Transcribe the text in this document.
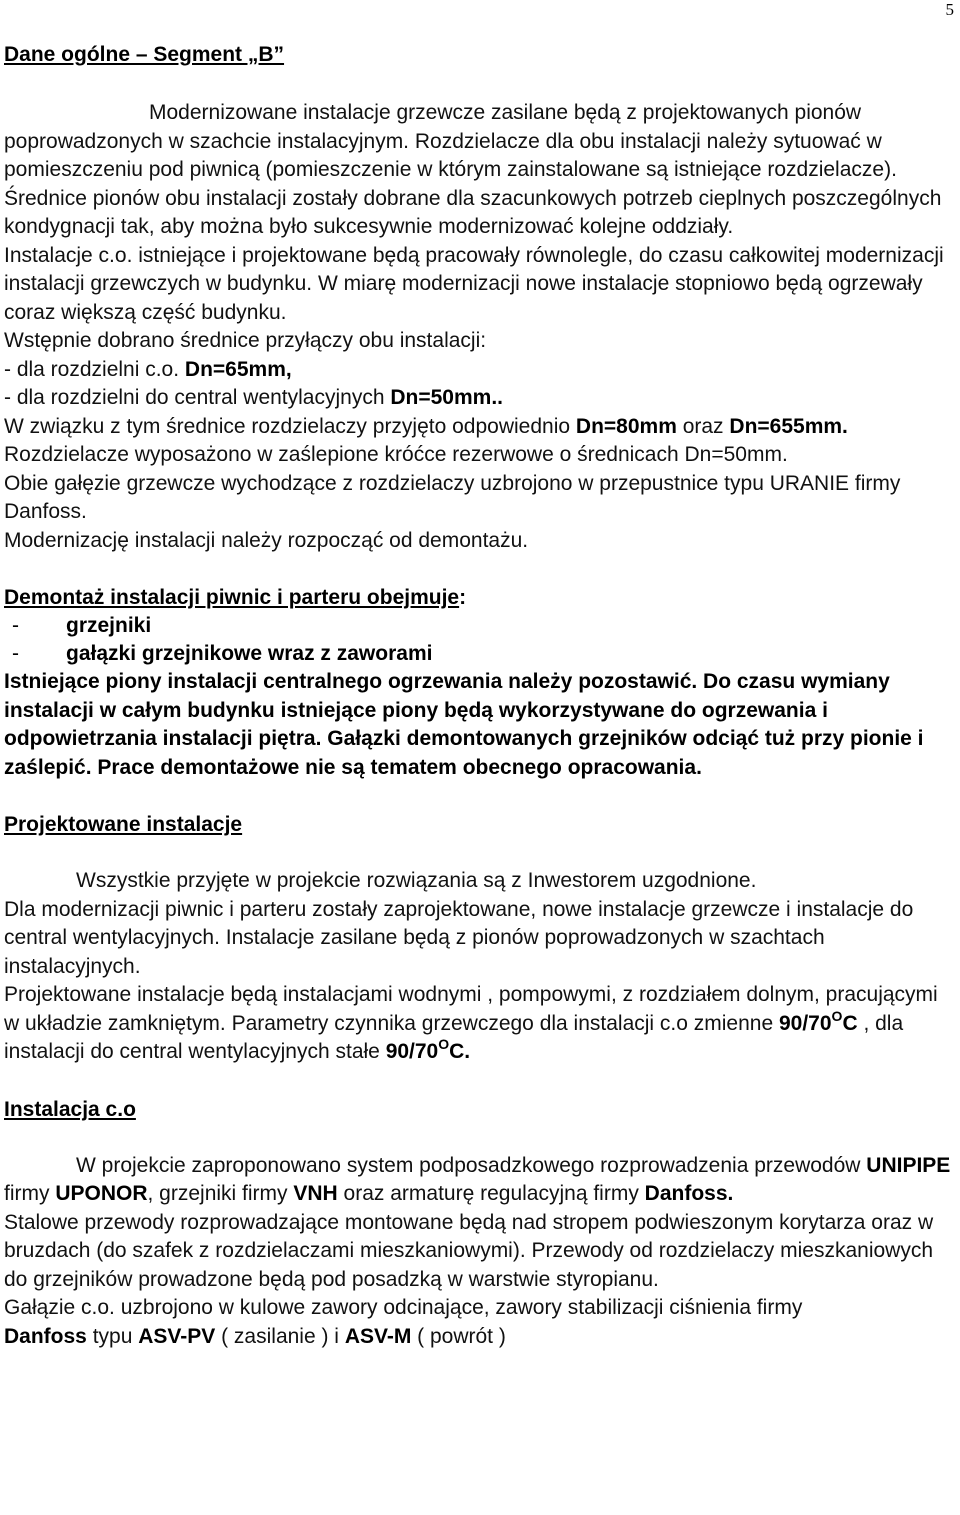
5
Dane ogólne – Segment „B”

Modernizowane instalacje grzewcze zasilane będą z projektowanych pionów poprowadzonych w szachcie instalacyjnym. Rozdzielacze dla obu instalacji należy sytuować w pomieszczeniu pod piwnicą (pomieszczenie w którym zainstalowane są istniejące rozdzielacze).

Średnice pionów obu instalacji zostały dobrane dla szacunkowych potrzeb cieplnych poszczególnych kondygnacji tak, aby można było sukcesywnie modernizować kolejne oddziały.

Instalacje c.o. istniejące i projektowane będą pracowały równolegle, do czasu całkowitej modernizacji instalacji grzewczych w budynku. W miarę modernizacji nowe instalacje stopniowo będą ogrzewały coraz większą część budynku.

Wstępnie dobrano średnice przyłączy obu instalacji:

- dla rozdzielni c.o. Dn=65mm,

- dla rozdzielni do central wentylacyjnych Dn=50mm..

W związku z tym średnice rozdzielaczy przyjęto odpowiednio Dn=80mm oraz Dn=655mm.

Rozdzielacze wyposażono w zaślepione króćce rezerwowe o średnicach Dn=50mm.

Obie gałęzie grzewcze wychodzące z rozdzielaczy uzbrojono w przepustnice typu URANIE firmy Danfoss.

Modernizację instalacji należy rozpocząć od demontażu.

Demontaż instalacji piwnic i parteru obejmuje:
- grzejniki
- gałązki grzejnikowe wraz z zaworami
Istniejące piony instalacji centralnego ogrzewania należy pozostawić. Do czasu wymiany instalacji w całym budynku istniejące piony będą wykorzystywane do ogrzewania i odpowietrzania instalacji piętra. Gałązki demontowanych grzejników odciąć tuż przy pionie i zaślepić. Prace demontażowe nie są tematem obecnego opracowania.
Projektowane instalacje

Wszystkie przyjęte w projekcie rozwiązania są z Inwestorem uzgodnione.

Dla modernizacji piwnic i parteru zostały zaprojektowane, nowe instalacje grzewcze i instalacje do central wentylacyjnych. Instalacje zasilane będą z pionów poprowadzonych w szachtach instalacyjnych.

Projektowane instalacje będą instalacjami wodnymi , pompowymi, z rozdziałem dolnym, pracującymi w układzie zamkniętym. Parametry czynnika grzewczego dla instalacji c.o zmienne $90/70^OC$ , dla instalacji do central wentylacyjnych stałe $90/70^OC$.

Instalacja c.o

W projekcie zaproponowano system podposadzkowego rozprowadzenia przewodów UNIPIPE firmy UPONOR, grzejniki firmy VNH oraz armaturę regulacyjną firmy Danfoss.

Stalowe przewody rozprowadzające montowane będą nad stropem podwieszonym korytarza oraz w bruzdach (do szafek z rozdzielaczami mieszkaniowymi). Przewody od rozdzielaczy mieszkaniowych do grzejników prowadzone będą pod posadzką w warstwie styropianu.

Gałązie c.o. uzbrojono w kulowe zawory odcinające, zawory stabilizacji ciśnienia firmy

Danfoss typu ASV-PV ( zasilanie ) i ASV-M ( powrót )
